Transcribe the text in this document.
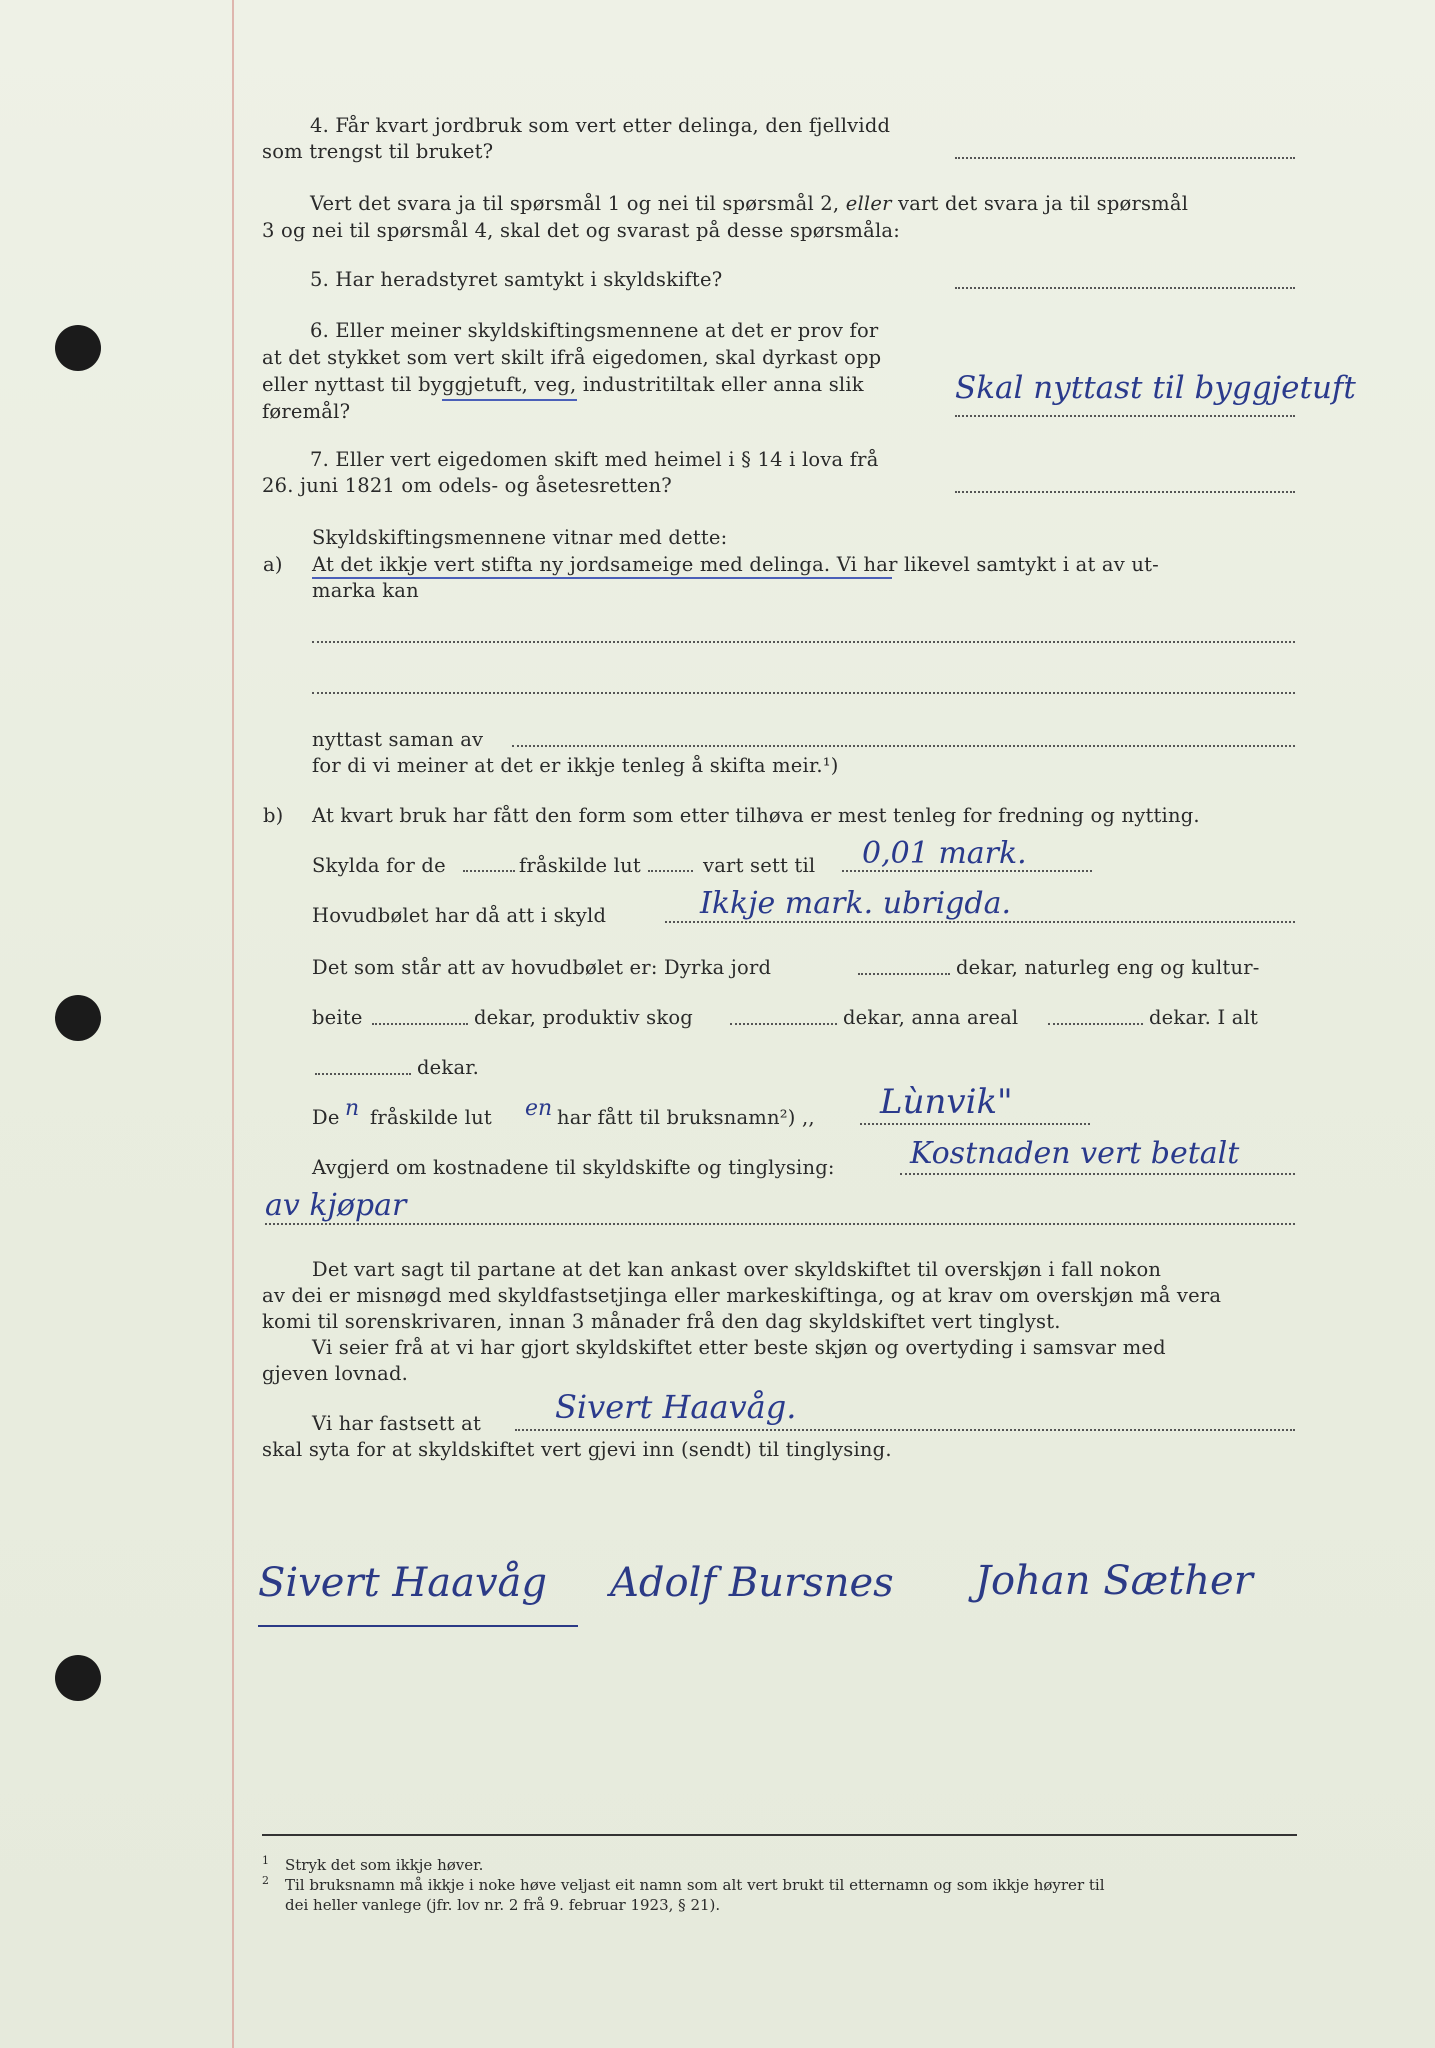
4. Får kvart jordbruk som vert etter delinga, den fjellvidd
som trengst til bruket?
Vert det svara ja til spørsmål 1 og nei til spørsmål 2, eller vart det svara ja til spørsmål
3 og nei til spørsmål 4, skal det og svarast på desse spørsmåla:
5. Har heradstyret samtykt i skyldskifte?
6. Eller meiner skyldskiftingsmennene at det er prov for
at det stykket som vert skilt ifrå eigedomen, skal dyrkast opp
eller nyttast til byggjetuft, veg, industritiltak eller anna slik
føremål?
Skal nyttast til byggjetuft
7. Eller vert eigedomen skift med heimel i § 14 i lova frå
26. juni 1821 om odels- og åsetesretten?
Skyldskiftingsmennene vitnar med dette:
a) At det ikkje vert stifta ny jordsameige med delinga. Vi har likevel samtykt i at av ut-
marka kan
nyttast saman av
for di vi meiner at det er ikkje tenleg å skifta meir.¹)
b) At kvart bruk har fått den form som etter tilhøva er mest tenleg for fredning og nytting.
Skylda for de	fråskilde lut	vart sett til 0,01 mark.
Hovudbølet har då att i skyld	Ikkje mark. ubrigda.
Det som står att av hovudbølet er: Dyrka jord	dekar, naturleg eng og kultur-
beite	dekar, produktiv skog	dekar, anna areal	dekar. I alt
dekar.
De n fråskilde lut en har fått til bruksnamn²) ,, Lùnvik"
Avgjerd om kostnadene til skyldskifte og tinglysing:	Kostnaden vert betalt
av kjøpar
Det vart sagt til partane at det kan ankast over skyldskiftet til overskjøn i fall nokon
av dei er misnøgd med skyldfastsetjinga eller markeskiftinga, og at krav om overskjøn må vera
komi til sorenskrivaren, innan 3 månader frå den dag skyldskiftet vert tinglyst.
Vi seier frå at vi har gjort skyldskiftet etter beste skjøn og overtyding i samsvar med
gjeven lovnad.
Vi har fastsett at Sivert Haavåg.
skal syta for at skyldskiftet vert gjevi inn (sendt) til tinglysing.
Sivert Haavåg Adolf Bursnes Johan Sæther
1 Stryk det som ikkje høver.
2 Til bruksnamn må ikkje i noke høve veljast eit namn som alt vert brukt til etternamn og som ikkje høyrer til
dei heller vanlege (jfr. lov nr. 2 frå 9. februar 1923, § 21).
